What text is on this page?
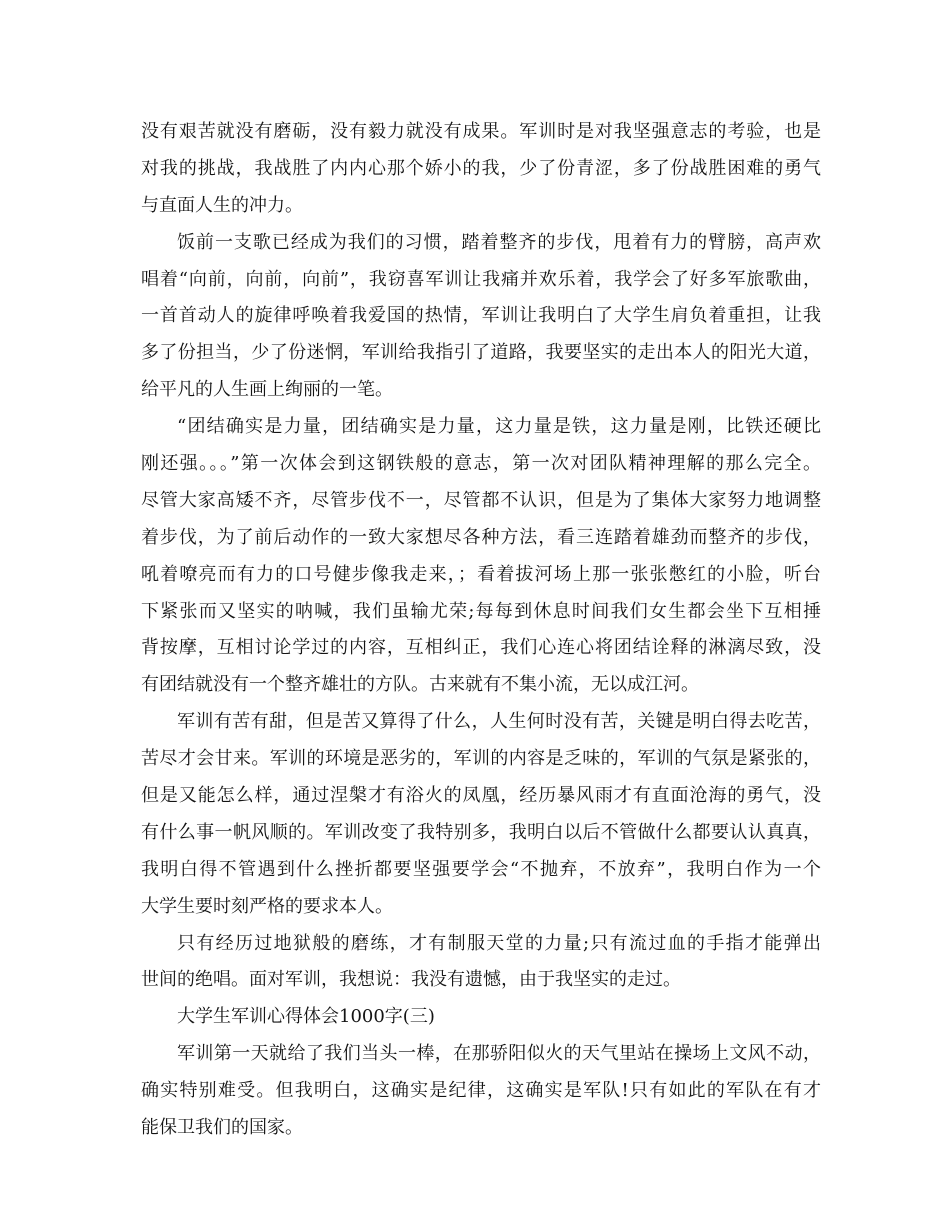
没有艰苦就没有磨砺，没有毅力就没有成果。军训时是对我坚强意志的考验，也是
对我的挑战，我战胜了内内心那个娇小的我，少了份青涩，多了份战胜困难的勇气
与直面人生的冲力。
饭前一支歌已经成为我们的习惯，踏着整齐的步伐，甩着有力的臂膀，高声欢
唱着“向前，向前，向前”，我窃喜军训让我痛并欢乐着，我学会了好多军旅歌曲，
一首首动人的旋律呼唤着我爱国的热情，军训让我明白了大学生肩负着重担，让我
多了份担当，少了份迷惘，军训给我指引了道路，我要坚实的走出本人的阳光大道，
给平凡的人生画上绚丽的一笔。
“团结确实是力量，团结确实是力量，这力量是铁，这力量是刚，比铁还硬比
刚还强。。。”第一次体会到这钢铁般的意志，第一次对团队精神理解的那么完全。
尽管大家高矮不齐，尽管步伐不一，尽管都不认识，但是为了集体大家努力地调整
着步伐，为了前后动作的一致大家想尽各种方法，看三连踏着雄劲而整齐的步伐，
吼着嘹亮而有力的口号健步像我走来，；看着拔河场上那一张张憋红的小脸，听台
下紧张而又坚实的呐喊，我们虽输尤荣;每每到休息时间我们女生都会坐下互相捶
背按摩，互相讨论学过的内容，互相纠正，我们心连心将团结诠释的淋漓尽致，没
有团结就没有一个整齐雄壮的方队。古来就有不集小流，无以成江河。
军训有苦有甜，但是苦又算得了什么，人生何时没有苦，关键是明白得去吃苦，
苦尽才会甘来。军训的环境是恶劣的，军训的内容是乏味的，军训的气氛是紧张的，
但是又能怎么样，通过涅槃才有浴火的凤凰，经历暴风雨才有直面沧海的勇气，没
有什么事一帆风顺的。军训改变了我特别多，我明白以后不管做什么都要认认真真，
我明白得不管遇到什么挫折都要坚强要学会“不抛弃，不放弃”，我明白作为一个
大学生要时刻严格的要求本人。
只有经历过地狱般的磨练，才有制服天堂的力量;只有流过血的手指才能弹出
世间的绝唱。面对军训，我想说：我没有遗憾，由于我坚实的走过。
大学生军训心得体会1000字(三)
军训第一天就给了我们当头一棒，在那骄阳似火的天气里站在操场上文风不动，
确实特别难受。但我明白，这确实是纪律，这确实是军队!只有如此的军队在有才
能保卫我们的国家。
